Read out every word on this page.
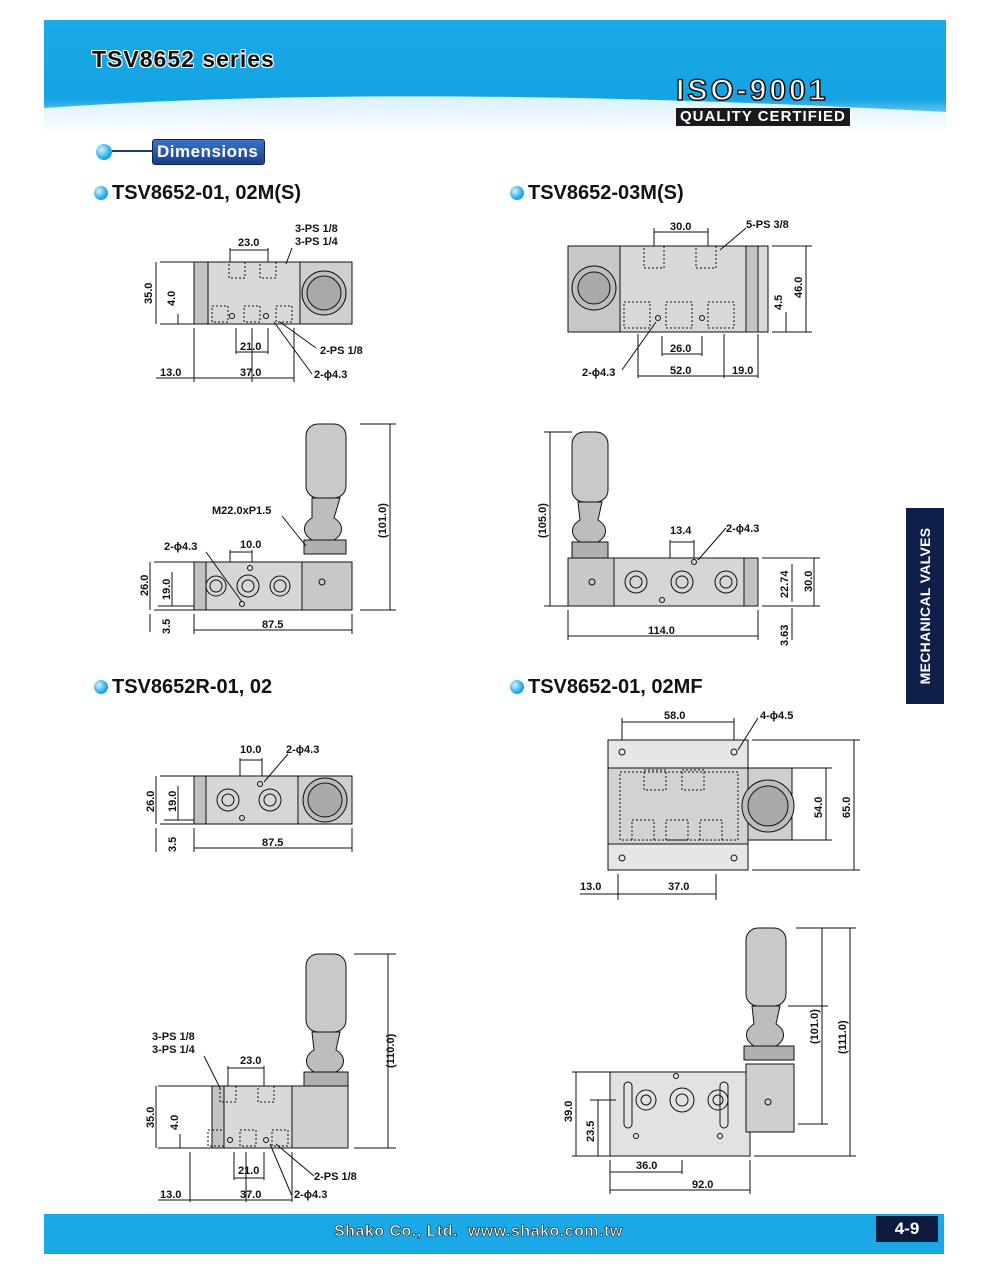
TSV8652 series
ISO-9001
QUALITY CERTIFIED
Dimensions
TSV8652-01, 02M(S)	TSV8652-03M(S)
TSV8652R-01, 02	TSV8652-01, 02MF
3-PS 1/8
3-PS 1/4
23.0
35.0 4.0
21.0	2-PS 1/8
13.0	37.0	2-ϕ4.3
M22.0xP1.5
2-ϕ4.3	10.0
26.0 19.0
3.5	87.5
(101.0)
30.0	5-PS 3/8
46.0
4.5
26.0
2-ϕ4.3	52.0	19.0
(105.0)	13.4	2-ϕ4.3
22.74 30.0
114.0	3.63
10.0 2-ϕ4.3
26.0 19.0
3.5	87.5
3-PS 1/8
3-PS 1/4
23.0	(110.0)
35.0 4.0
21.0	2-PS 1/8
13.0	37.0	2-ϕ4.3
58.0	4-ϕ4.5
54.0 65.0
13.0	37.0
(101.0) (111.0)
39.0
23.5
36.0
92.0
MECHANICAL VALVES
Shako Co., Ltd. www.shako.com.tw	4-9
